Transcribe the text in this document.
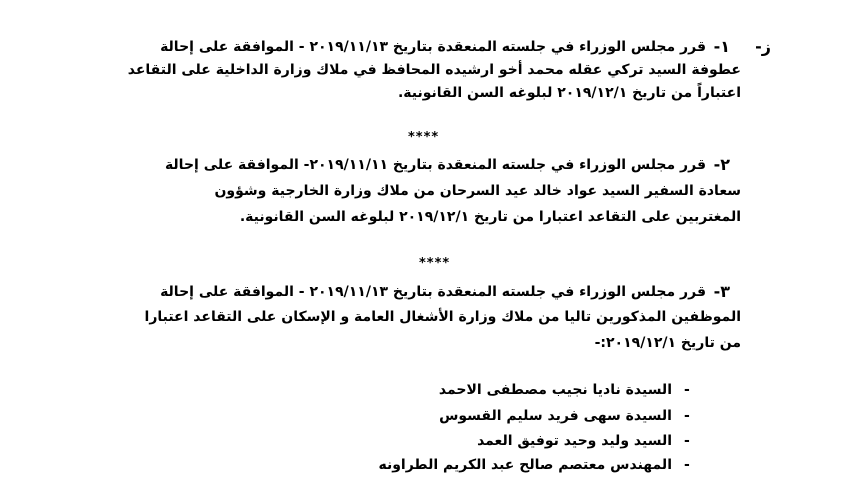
ز-
١-
قرر مجلس الوزراء في جلسته المنعقدة بتاريخ ٢٠١٩/١١/١٣ - الموافقة على إحالة
عطوفة السيد تركي عقله محمد أخو ارشيده المحافظ في ملاك وزارة الداخلية على التقاعد
اعتباراً من تاريخ ٢٠١٩/١٢/١ لبلوغه السن القانونية.
****
٢-
قرر مجلس الوزراء في جلسته المنعقدة بتاريخ ٢٠١٩/١١/١١- الموافقة على إحالة
سعادة السفير السيد عواد خالد عيد السرحان من ملاك وزارة الخارجية وشؤون
المغتربين على التقاعد اعتبارا من تاريخ ٢٠١٩/١٢/١ لبلوغه السن القانونية.
****
٣-
قرر مجلس الوزراء في جلسته المنعقدة بتاريخ ٢٠١٩/١١/١٣ - الموافقة على إحالة
الموظفين المذكورين تاليا من ملاك وزارة الأشغال العامة و الإسكان على التقاعد اعتبارا
من تاريخ ٢٠١٩/١٢/١:-
-
السيدة ناديا نجيب مصطفى الاحمد
-
السيدة سهى فريد سليم القسوس
-
السيد وليد وحيد توفيق العمد
-
المهندس معتصم صالح عبد الكريم الطراونه
